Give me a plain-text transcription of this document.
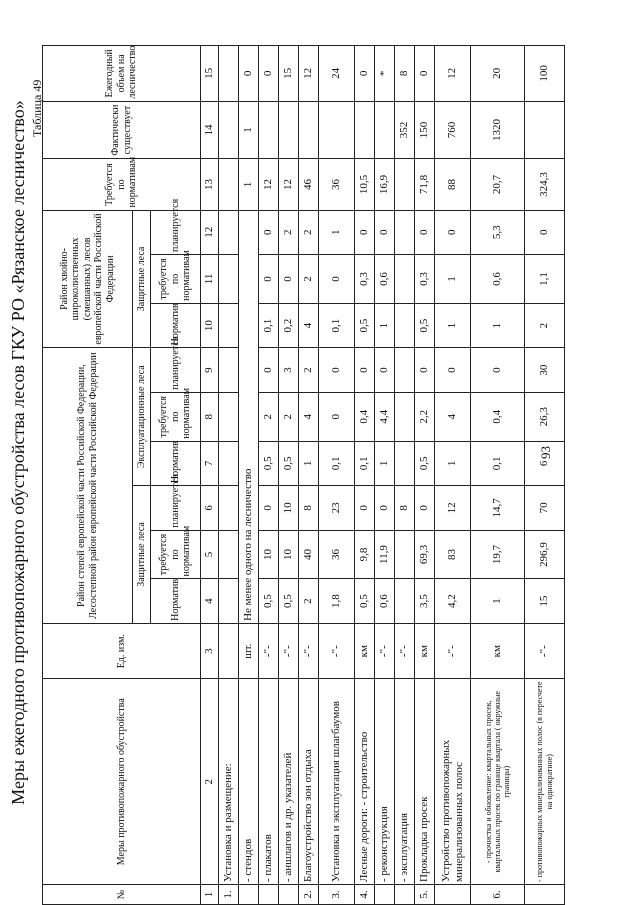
Меры ежегодного противопожарного обустройства лесов ГКУ РО «Рязанское лесничество» Таблица 49
№	Меры противопожарного обустройства	Ед. изм.	Район степей европейской части Российской Федерации, Лесостепной район европейской части Российской Федерации						Район хвойно-широколиственных (смешанных) лесов европейской части Российской Федерации			Требуется по нормативам	Фактически существует	Ежегодный объем на лесничество
			Защитные леса			Эксплуатационные леса			Защитные леса					
			Норматив	требуется по нормативам	планируется	Норматив	требуется по нормативам	планируется	Норматив	требуется по нормативам	планируется			
1	2	3	4	5	6	7	8	9	10	11	12	13	14	15
1.	Установка и размещение:													
	- стендов	шт.	Не менее одного на лесничество									1	1	0
	- плакатов	-"-	0,5	10	0	0,5	2	0	0,1	0	0	12		0
	- аншлагов и др. указателей	-"-	0,5	10	10	0,5	2	3	0,2	0	2	12		15
2.	Благоустройство зон отдыха	-"-	2	40	8	1	4	2	4	2	2	46		12
3.	Установка и эксплуатация шлагбаумов	-"-	1,8	36	23	0,1	0	0	0,1	0	1	36		24
4.	Лесные дороги: - строительство	км	0,5	9,8	0	0,1	0,4	0	0,5	0,3	0	10,5		0
	- реконструкция	-"-	0,6	11,9	0	1	4,4	0	1	0,6	0	16,9		*
	- эксплуатация	-"-			8								352	8
5.	Прокладка просек	км	3,5	69,3	0	0,5	2,2	0	0,5	0,3	0	71,8	150	0
	Устройство противопожарных минерализованных полос	-"-	4,2	83	12	1	4	0	1	1	0	88	760	12
6.	- прочистка и обновление: квартальных просек, квартальных просек по границе квартала ( окружные границы)	км	1	19,7	14,7	0,1	0,4	0	1	0,6	5,3	20,7	1320	20
	- противопожарных минерализованных полос (в пересчете на однократное)	-"-	15	296,9	70	6	26,3	30	2	1,1	0	324,3		100
93
